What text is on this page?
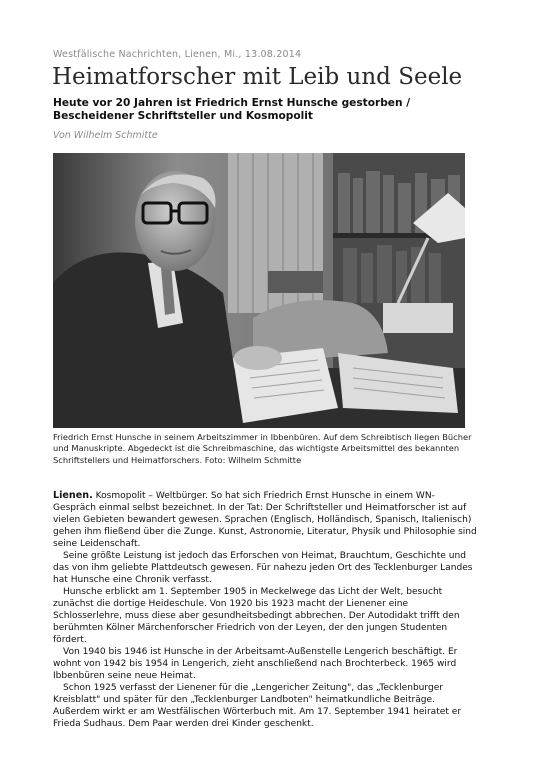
Westfälische Nachrichten, Lienen, Mi., 13.08.2014
Heimatforscher mit Leib und Seele
Heute vor 20 Jahren ist Friedrich Ernst Hunsche gestorben / Bescheidener Schriftsteller und Kosmopolit
Von Wilhelm Schmitte
Friedrich Ernst Hunsche in seinem Arbeitszimmer in Ibbenbüren. Auf dem Schreibtisch liegen Bücher und Manuskripte. Abgedeckt ist die Schreibmaschine, das wichtigste Arbeitsmittel des bekannten Schriftstellers und Heimatforschers. Foto: Wilhelm Schmitte

Lienen. Kosmopolit – Weltbürger. So hat sich Friedrich Ernst Hunsche in einem WN-Gespräch einmal selbst bezeichnet. In der Tat: Der Schriftsteller und Heimatforscher ist auf vielen Gebieten bewandert gewesen. Sprachen (Englisch, Holländisch, Spanisch, Italienisch) gehen ihm fließend über die Zunge. Kunst, Astronomie, Literatur, Physik und Philosophie sind seine Leidenschaft.

Seine größte Leistung ist jedoch das Erforschen von Heimat, Brauchtum, Geschichte und das von ihm geliebte Plattdeutsch gewesen. Für nahezu jeden Ort des Tecklenburger Landes hat Hunsche eine Chronik verfasst.

Hunsche erblickt am 1. September 1905 in Meckelwege das Licht der Welt, besucht zunächst die dortige Heideschule. Von 1920 bis 1923 macht der Lienener eine Schlosserlehre, muss diese aber gesundheitsbedingt abbrechen. Der Autodidakt trifft den berühmten Kölner Märchenforscher Friedrich von der Leyen, der den jungen Studenten fördert.

Von 1940 bis 1946 ist Hunsche in der Arbeitsamt-Außenstelle Lengerich beschäftigt. Er wohnt von 1942 bis 1954 in Lengerich, zieht anschließend nach Brochterbeck. 1965 wird Ibbenbüren seine neue Heimat.

Schon 1925 verfasst der Lienener für die „Lengericher Zeitung", das „Tecklenburger Kreisblatt" und später für den „Tecklenburger Landboten" heimatkundliche Beiträge. Außerdem wirkt er am Westfälischen Wörterbuch mit. Am 17. September 1941 heiratet er Frieda Sudhaus. Dem Paar werden drei Kinder geschenkt.
